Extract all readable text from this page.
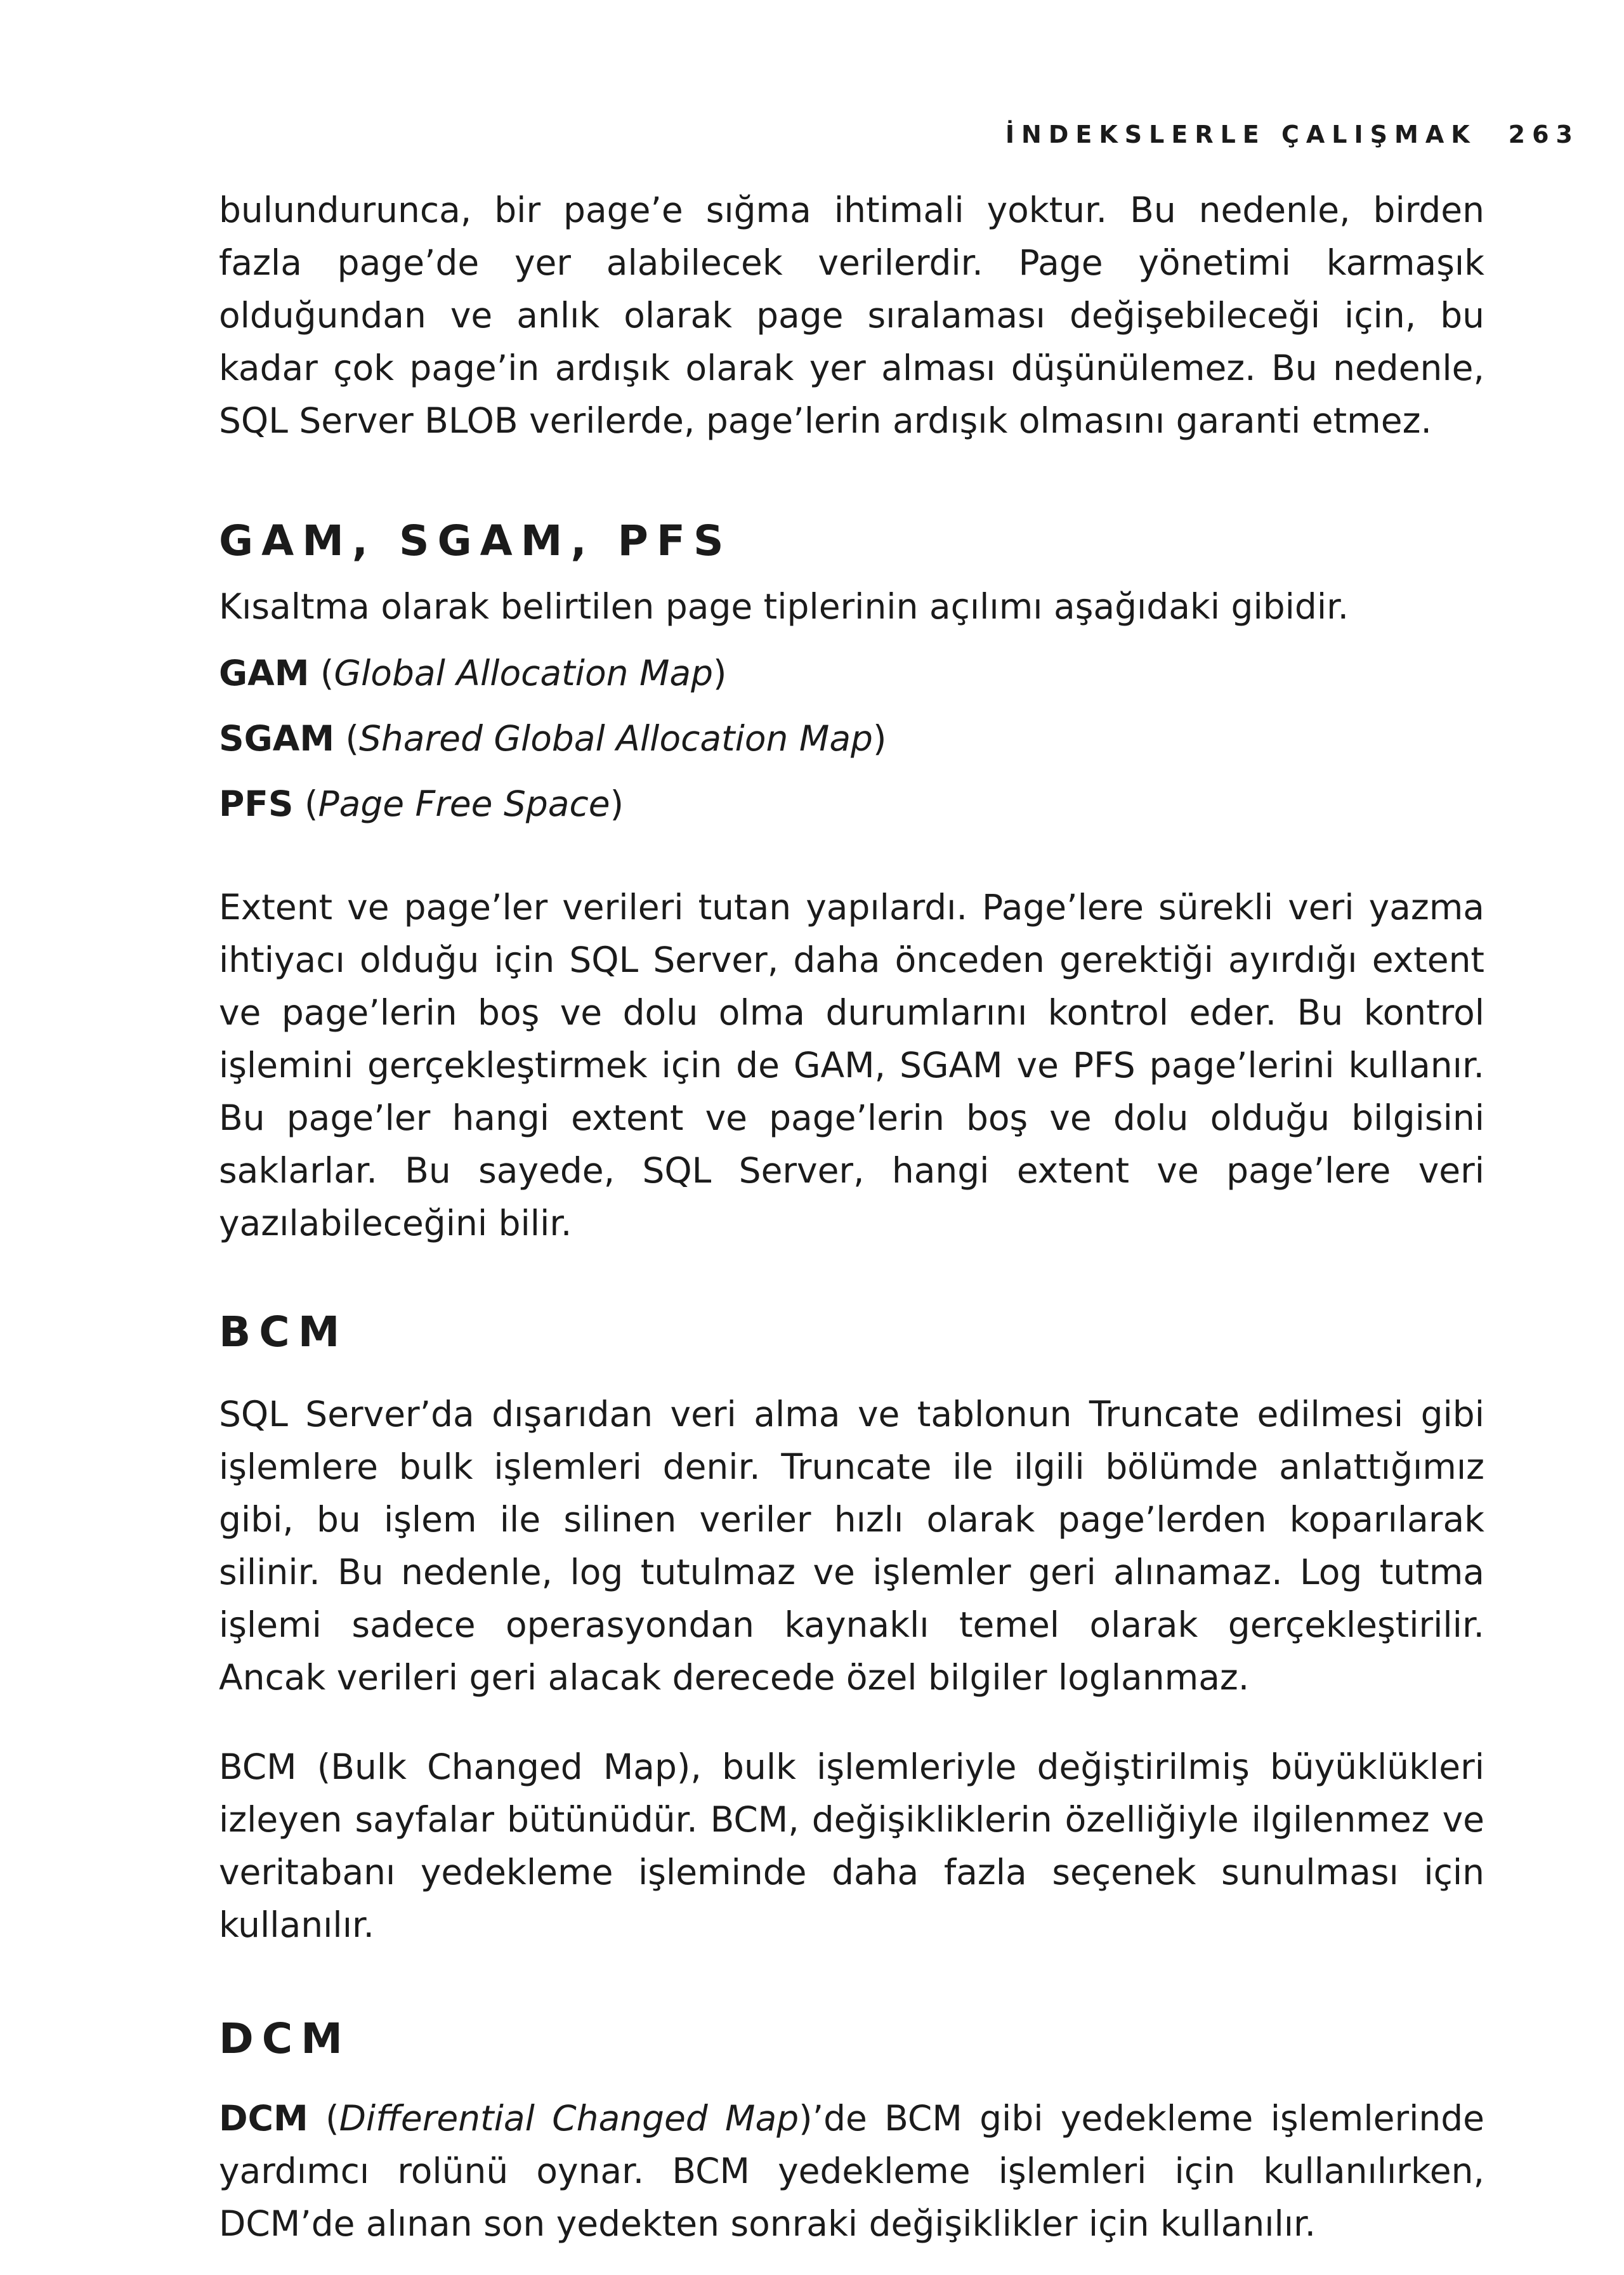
İNDEKSLERLE ÇALIŞMAK 263

bulundurunca, bir page’e sığma ihtimali yoktur. Bu nedenle, birden fazla page’de yer alabilecek verilerdir. Page yönetimi karmaşık olduğundan ve anlık olarak page sıralaması değişebileceği için, bu kadar çok page’in ardışık olarak yer alması düşünülemez. Bu nedenle, SQL Server BLOB verilerde, page’lerin ardışık olmasını garanti etmez.

GAM, SGAM, PFS

Kısaltma olarak belirtilen page tiplerinin açılımı aşağıdaki gibidir.

GAM (Global Allocation Map)

SGAM (Shared Global Allocation Map)

PFS (Page Free Space)

Extent ve page’ler verileri tutan yapılardı. Page’lere sürekli veri yazma ihtiyacı olduğu için SQL Server, daha önceden gerektiği ayırdığı extent ve page’lerin boş ve dolu olma durumlarını kontrol eder. Bu kontrol işlemini gerçekleştirmek için de GAM, SGAM ve PFS page’lerini kullanır. Bu page’ler hangi extent ve page’lerin boş ve dolu olduğu bilgisini saklarlar. Bu sayede, SQL Server, hangi extent ve page’lere veri yazılabileceğini bilir.

BCM

SQL Server’da dışarıdan veri alma ve tablonun Truncate edilmesi gibi işlemlere bulk işlemleri denir. Truncate ile ilgili bölümde anlattığımız gibi, bu işlem ile silinen veriler hızlı olarak page’lerden koparılarak silinir. Bu nedenle, log tutulmaz ve işlemler geri alınamaz. Log tutma işlemi sadece operasyondan kaynaklı temel olarak gerçekleştirilir. Ancak verileri geri alacak derecede özel bilgiler loglanmaz.

BCM (Bulk Changed Map), bulk işlemleriyle değiştirilmiş büyüklükleri izleyen sayfalar bütünüdür. BCM, değişikliklerin özelliğiyle ilgilenmez ve veritabanı yedekleme işleminde daha fazla seçenek sunulması için kullanılır.

DCM

DCM (Differential Changed Map)’de BCM gibi yedekleme işlemlerinde yardımcı rolünü oynar. BCM yedekleme işlemleri için kullanılırken, DCM’de alınan son yedekten sonraki değişiklikler için kullanılır.
